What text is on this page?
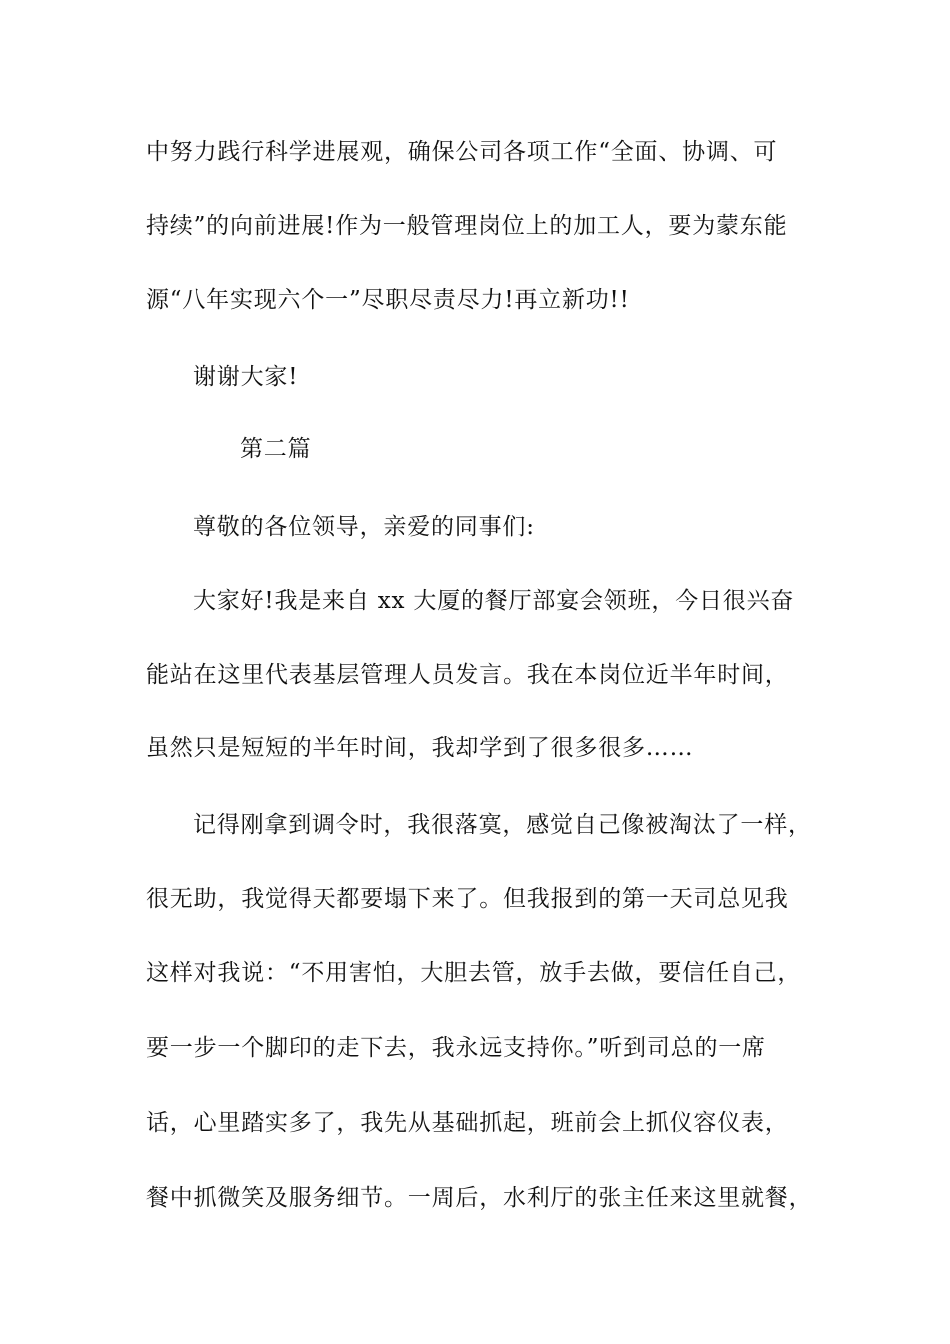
中努力践行科学进展观，确保公司各项工作“全面、协调、可
持续”的向前进展!作为一般管理岗位上的加工人，要为蒙东能
源“八年实现六个一”尽职尽责尽力!再立新功!!
谢谢大家!
第二篇
尊敬的各位领导，亲爱的同事们:
大家好!我是来自 xx 大厦的餐厅部宴会领班，今日很兴奋
能站在这里代表基层管理人员发言。我在本岗位近半年时间，
虽然只是短短的半年时间，我却学到了很多很多……
记得刚拿到调令时，我很落寞，感觉自己像被淘汰了一样，
很无助，我觉得天都要塌下来了。但我报到的第一天司总见我
这样对我说：“不用害怕，大胆去管，放手去做，要信任自己，
要一步一个脚印的走下去，我永远支持你。”听到司总的一席
话，心里踏实多了，我先从基础抓起，班前会上抓仪容仪表，
餐中抓微笑及服务细节。一周后，水利厅的张主任来这里就餐，
